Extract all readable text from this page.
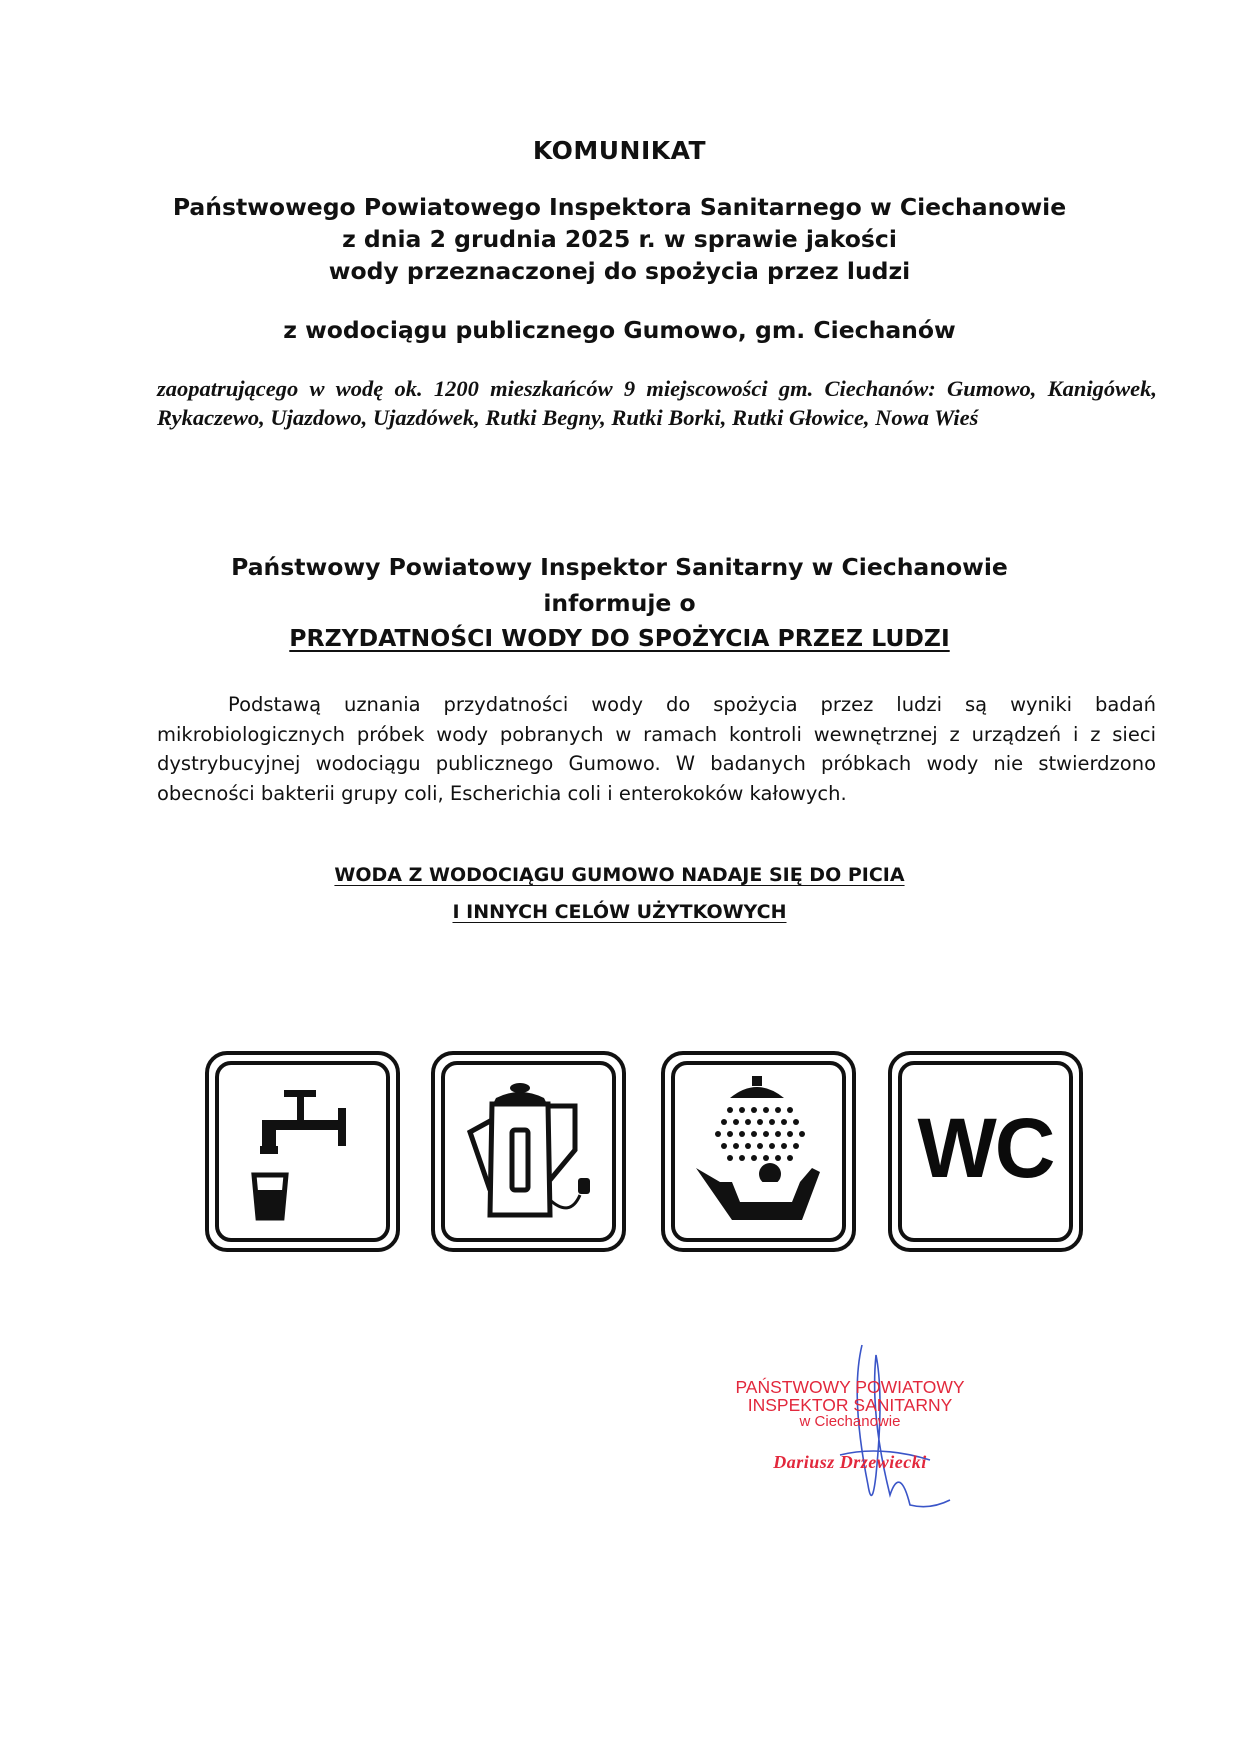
KOMUNIKAT
Państwowego Powiatowego Inspektora Sanitarnego w Ciechanowie
z dnia 2 grudnia 2025 r. w sprawie jakości
wody przeznaczonej do spożycia przez ludzi
z wodociągu publicznego Gumowo, gm. Ciechanów
zaopatrującego w wodę ok. 1200 mieszkańców 9 miejscowości gm. Ciechanów: Gumowo, Kanigówek, Rykaczewo, Ujazdowo, Ujazdówek, Rutki Begny, Rutki Borki, Rutki Głowice, Nowa Wieś
Państwowy Powiatowy Inspektor Sanitarny w Ciechanowie
informuje o
PRZYDATNOŚCI WODY DO SPOŻYCIA PRZEZ LUDZI
Podstawą uznania przydatności wody do spożycia przez ludzi są wyniki badań mikrobiologicznych próbek wody pobranych w ramach kontroli wewnętrznej z urządzeń i z sieci dystrybucyjnej wodociągu publicznego Gumowo. W badanych próbkach wody nie stwierdzono obecności bakterii grupy coli, Escherichia coli i enterokoków kałowych.
WODA Z WODOCIĄGU GUMOWO NADAJE SIĘ DO PICIA
I INNYCH CELÓW UŻYTKOWYCH
WC
PAŃSTWOWY POWIATOWY
INSPEKTOR SANITARNY
w Ciechanowie
Dariusz Drzewiecki
